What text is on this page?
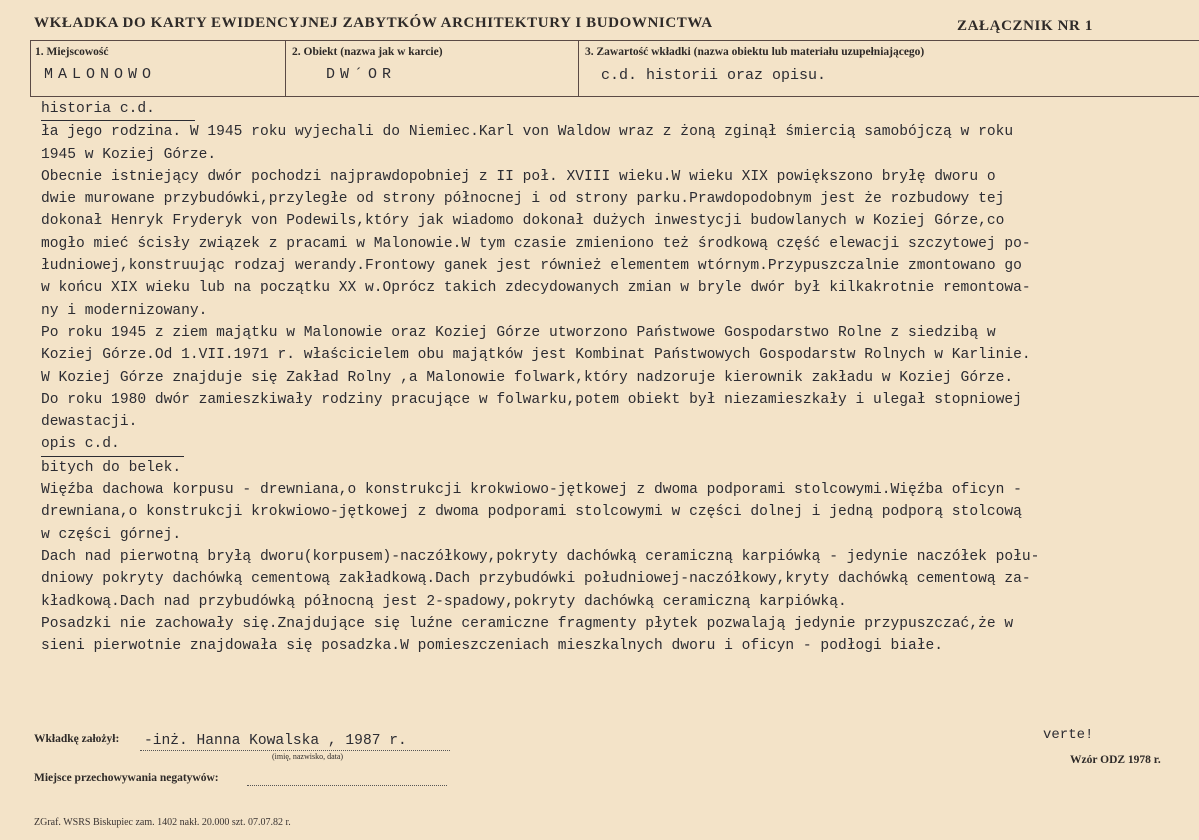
WKŁADKA DO KARTY EWIDENCYJNEJ ZABYTKÓW ARCHITEKTURY I BUDOWNICTWA	ZAŁĄCZNIK NR 1
1. Miejscowość
MALONOWO
2. Obiekt (nazwa jak w karcie)
DW´OR
3. Zawartość wkładki (nazwa obiektu lub materiału uzupełniającego)
c.d. historii oraz opisu.
historia c.d.
ła jego rodzina. W 1945 roku wyjechali do Niemiec.Karl von Waldow wraz z żoną zginął śmiercią samobójczą w roku
1945 w Koziej Górze.
Obecnie istniejący dwór pochodzi najprawdopobniej z II poł. XVIII wieku.W wieku XIX powiększono bryłę dworu o
dwie murowane przybudówki,przyległe od strony północnej i od strony parku.Prawdopodobnym jest że rozbudowy tej
dokonał Henryk Fryderyk von Podewils,który jak wiadomo dokonał dużych inwestycji budowlanych w Koziej Górze,co
mogło mieć ścisły związek z pracami w Malonowie.W tym czasie zmieniono też środkową część elewacji szczytowej po-
łudniowej,konstruując rodzaj werandy.Frontowy ganek jest również elementem wtórnym.Przypuszczalnie zmontowano go
w końcu XIX wieku lub na początku XX w.Oprócz takich zdecydowanych zmian w bryle dwór był kilkakrotnie remontowa-
ny i modernizowany.
Po roku 1945 z ziem majątku w Malonowie oraz Koziej Górze utworzono Państwowe Gospodarstwo Rolne z siedzibą w
Koziej Górze.Od 1.VII.1971 r. właścicielem obu majątków jest Kombinat Państwowych Gospodarstw Rolnych w Karlinie.
W Koziej Górze znajduje się Zakład Rolny ,a Malonowie folwark,który nadzoruje kierownik zakładu w Koziej Górze.
Do roku 1980 dwór zamieszkiwały rodziny pracujące w folwarku,potem obiekt był niezamieszkały i ulegał stopniowej
dewastacji.
opis c.d.
bitych do belek.
Więźba dachowa korpusu - drewniana,o konstrukcji krokwiowo-jętkowej z dwoma podporami stolcowymi.Więźba oficyn -
drewniana,o konstrukcji krokwiowo-jętkowej z dwoma podporami stolcowymi w części dolnej i jedną podporą stolcową
w części górnej.
Dach nad pierwotną bryłą dworu(korpusem)-naczółkowy,pokryty dachówką ceramiczną karpiówką - jedynie naczółek połu-
dniowy pokryty dachówką cementową zakładkową.Dach przybudówki południowej-naczółkowy,kryty dachówką cementową za-
kładkową.Dach nad przybudówką północną jest 2-spadowy,pokryty dachówką ceramiczną karpiówką.
Posadzki nie zachowały się.Znajdujące się luźne ceramiczne fragmenty płytek pozwalają jedynie przypuszczać,że w
sieni pierwotnie znajdowała się posadzka.W pomieszczeniach mieszkalnych dworu i oficyn - podłogi białe.
verte!
Wkładkę założył: -inż. Hanna Kowalska , 1987 r.
(imię, nazwisko, data)	Wzór ODZ 1978 r.
Miejsce przechowywania negatywów:
ZGraf. WSRS Biskupiec zam. 1402 nakł. 20.000 szt. 07.07.82 r.
